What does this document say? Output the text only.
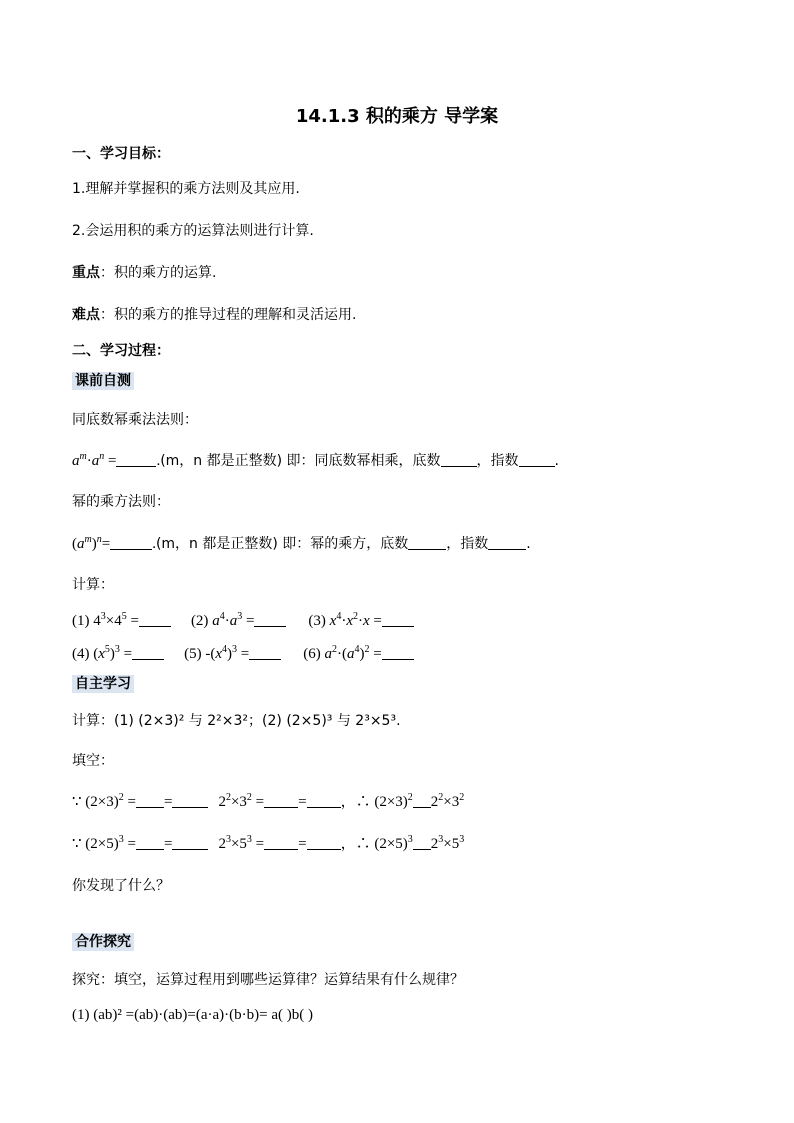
14.1.3 积的乘方 导学案
一、学习目标：
1.理解并掌握积的乘方法则及其应用.
2.会运用积的乘方的运算法则进行计算.
重点：积的乘方的运算.
难点：积的乘方的推导过程的理解和灵活运用.
二、学习过程：
课前自测
同底数幂乘法法则：
$a^m\cdot a^n$ =	.(m，n 都是正整数) 即：同底数幂相乘，底数	，指数	.
幂的乘方法则：
$(a^m)^n=$	.(m，n 都是正整数) 即：幂的乘方，底数	，指数	.
计算：
(1) $4^3\times 4^5$ =	(2) $a^4\cdot a^3$ =	(3) $x^4\cdot x^2\cdot x$ =
(4) $(x^5)^3$ =	(5) $-(x^4)^3$ =	(6) $a^2\cdot(a^4)^2$ =
自主学习
计算：(1) (2×3)² 与 2²×3²；(2) (2×5)³ 与 2³×5³.
填空：
∵ $(2\times 3)^2$ = =	$2^2\times 3^2$ = = ，∴ $(2\times 3)^2$ $2^2\times 3^2$
∵ $(2\times 5)^3$ = =	$2^3\times 5^3$ = = ，∴ $(2\times 5)^3$ $2^3\times 5^3$
你发现了什么？
合作探究
探究：填空，运算过程用到哪些运算律？运算结果有什么规律？
(1) (ab)² =(ab)·(ab)=(a·a)·(b·b)= a( )b( )
